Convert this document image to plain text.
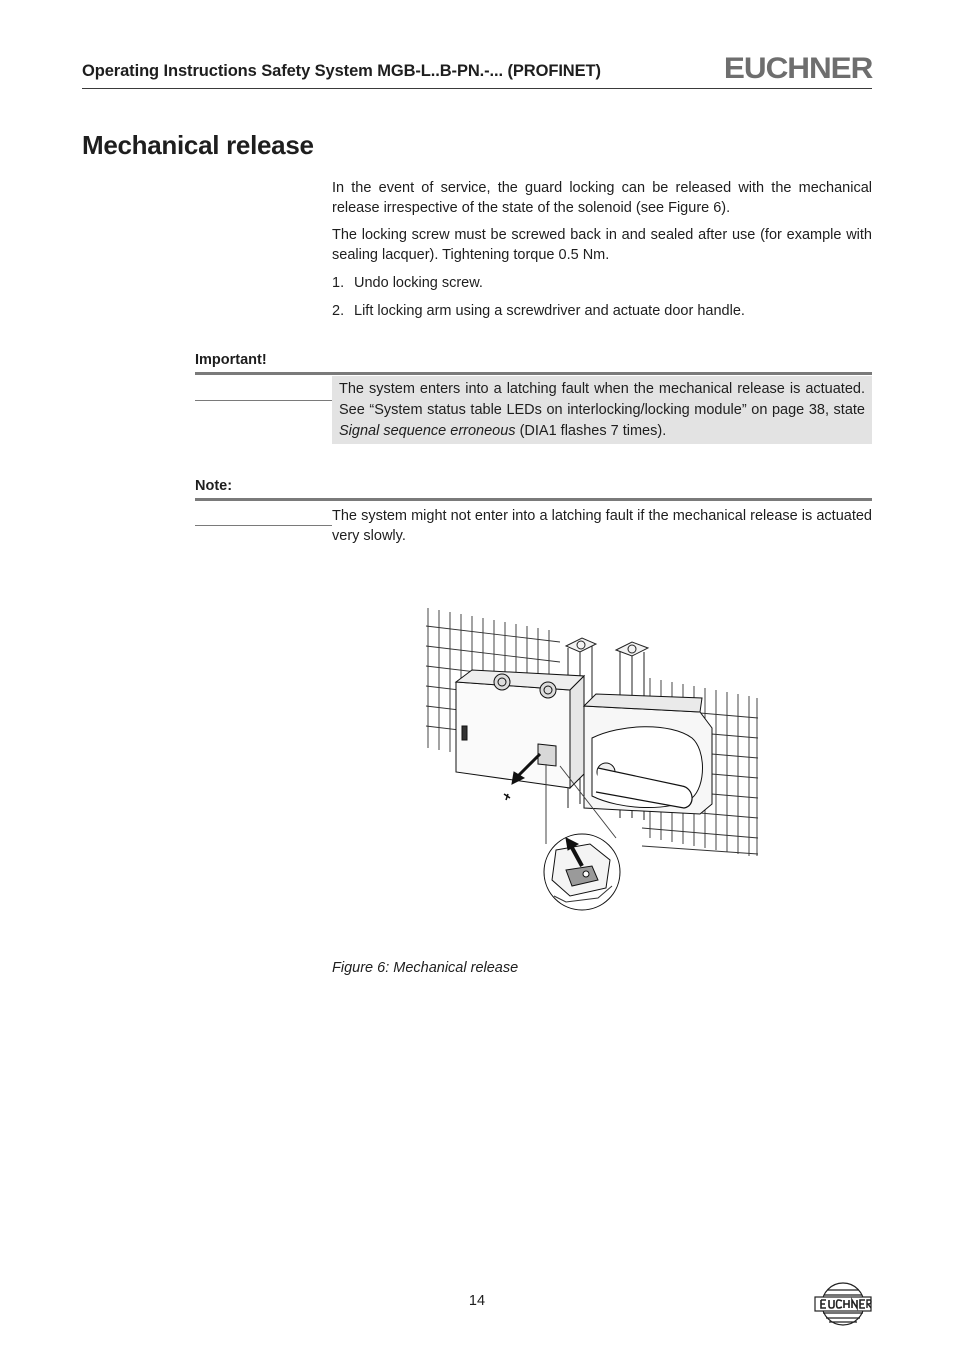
Operating Instructions Safety System MGB-L..B-PN.-... (PROFINET)	EUCHNER
Mechanical release

In the event of service, the guard locking can be released with the mechanical release irrespective of the state of the solenoid (see Figure 6).

The locking screw must be screwed back in and sealed after use (for example with sealing lacquer). Tightening torque 0.5 Nm.

1. Undo locking screw.
2. Lift locking arm using a screwdriver and actuate door handle.
Important!
The system enters into a latching fault when the mechanical release is actuated. See “System status table LEDs on interlocking/locking module” on page 38, state Signal sequence erroneous (DIA1 flashes 7 times).
Note:

The system might not enter into a latching fault if the mechanical release is actuated very slowly.

Figure 6: Mechanical release
14
